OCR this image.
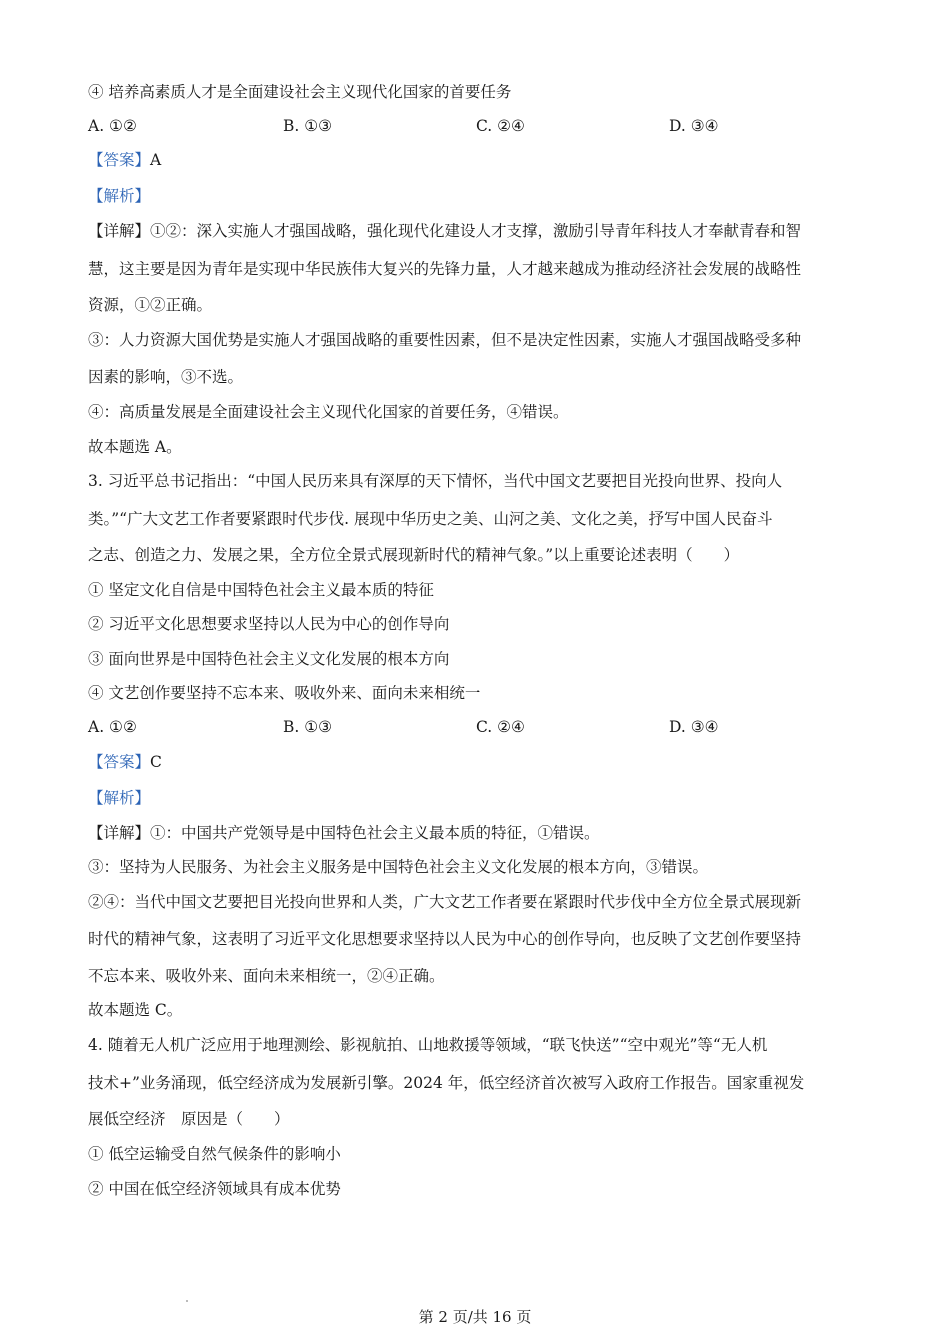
④ 培养高素质人才是全面建设社会主义现代化国家的首要任务
A. ①②	B. ①③	C. ②④	D. ③④
【答案】A
【解析】
【详解】①②：深入实施人才强国战略，强化现代化建设人才支撑，激励引导青年科技人才奉献青春和智
慧，这主要是因为青年是实现中华民族伟大复兴的先锋力量，人才越来越成为推动经济社会发展的战略性
资源，①②正确。
③：人力资源大国优势是实施人才强国战略的重要性因素，但不是决定性因素，实施人才强国战略受多种
因素的影响，③不选。
④：高质量发展是全面建设社会主义现代化国家的首要任务，④错误。
故本题选 A。
3. 习近平总书记指出：“中国人民历来具有深厚的天下情怀，当代中国文艺要把目光投向世界、投向人
类。”“广大文艺工作者要紧跟时代步伐. 展现中华历史之美、山河之美、文化之美，抒写中国人民奋斗
之志、创造之力、发展之果，全方位全景式展现新时代的精神气象。”以上重要论述表明（　　）
① 坚定文化自信是中国特色社会主义最本质的特征
② 习近平文化思想要求坚持以人民为中心的创作导向
③ 面向世界是中国特色社会主义文化发展的根本方向
④ 文艺创作要坚持不忘本来、吸收外来、面向未来相统一
A. ①②	B. ①③	C. ②④	D. ③④
【答案】C
【解析】
【详解】①：中国共产党领导是中国特色社会主义最本质的特征，①错误。
③：坚持为人民服务、为社会主义服务是中国特色社会主义文化发展的根本方向，③错误。
②④：当代中国文艺要把目光投向世界和人类，广大文艺工作者要在紧跟时代步伐中全方位全景式展现新
时代的精神气象，这表明了习近平文化思想要求坚持以人民为中心的创作导向，也反映了文艺创作要坚持
不忘本来、吸收外来、面向未来相统一，②④正确。
故本题选 C。
4. 随着无人机广泛应用于地理测绘、影视航拍、山地救援等领域，“联飞快送”“空中观光”等“无人机
技术+”业务涌现，低空经济成为发展新引擎。2024 年，低空经济首次被写入政府工作报告。国家重视发
展低空经济　原因是（　　）
① 低空运输受自然气候条件的影响小
② 中国在低空经济领域具有成本优势
第 2 页/共 16 页
